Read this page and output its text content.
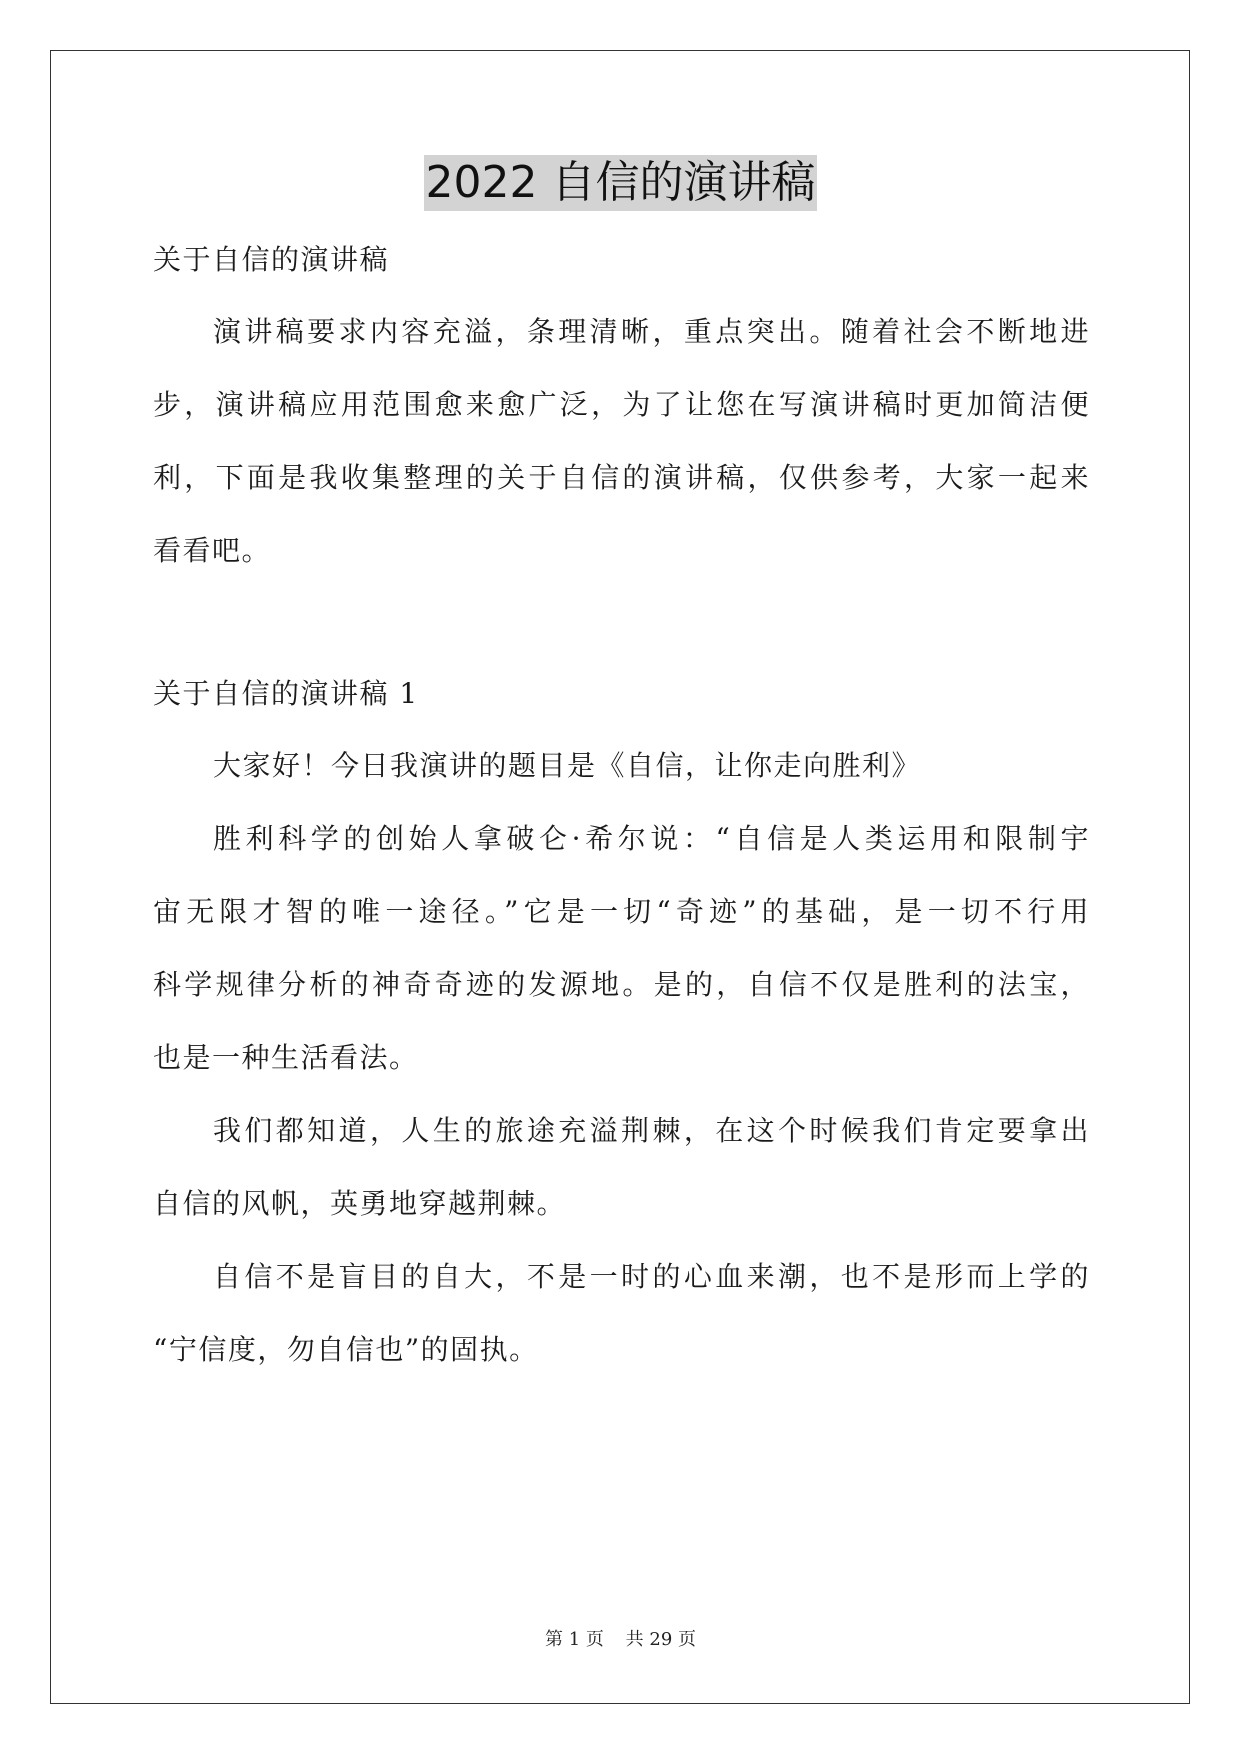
2022 自信的演讲稿
关于自信的演讲稿
演讲稿要求内容充溢，条理清晰，重点突出。随着社会不断地进
步，演讲稿应用范围愈来愈广泛，为了让您在写演讲稿时更加简洁便
利，下面是我收集整理的关于自信的演讲稿，仅供参考，大家一起来
看看吧。
关于自信的演讲稿 1
大家好！今日我演讲的题目是《自信，让你走向胜利》
胜利科学的创始人拿破仑·希尔说：“自信是人类运用和限制宇
宙无限才智的唯一途径。”它是一切“奇迹”的基础，是一切不行用
科学规律分析的神奇奇迹的发源地。是的，自信不仅是胜利的法宝，
也是一种生活看法。
我们都知道，人生的旅途充溢荆棘，在这个时候我们肯定要拿出
自信的风帆，英勇地穿越荆棘。
自信不是盲目的自大，不是一时的心血来潮，也不是形而上学的
“宁信度，勿自信也”的固执。
第 1 页 共 29 页
